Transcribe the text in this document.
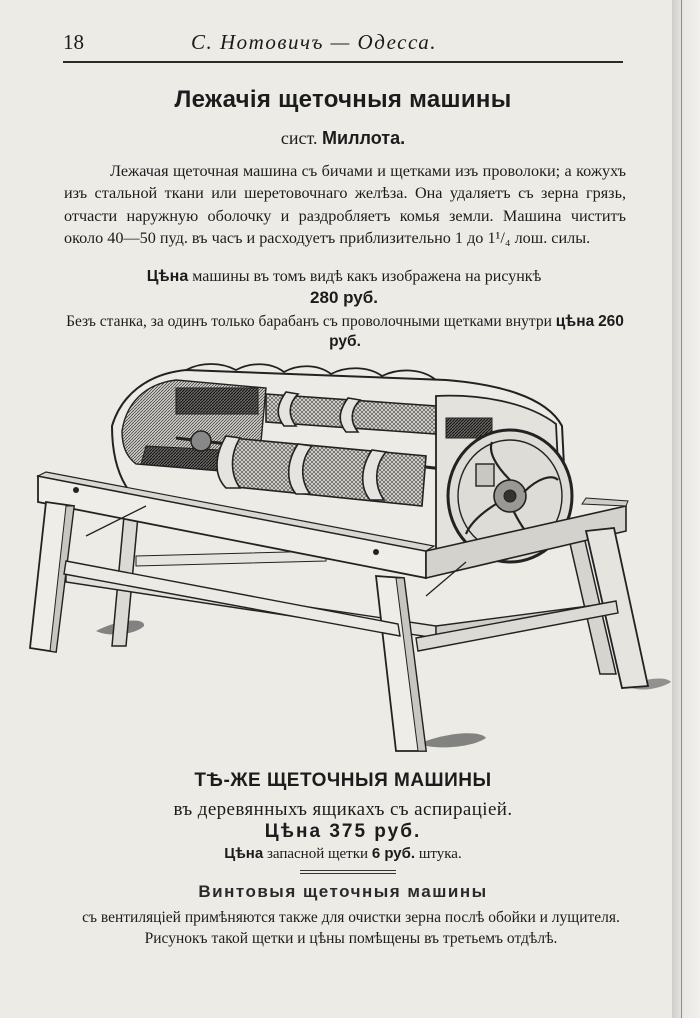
18	С. Нотовичъ — Одесса.
Лежачія щеточныя машины
сист. Миллота.
Лежачая щеточная машина съ бичами и щетками изъ проволоки; а кожухъ изъ стальной ткани или шеретовочнаго желѣза. Она удаляетъ съ зерна грязь, отчасти наружную оболочку и раздробляетъ комья земли. Машина чиститъ около 40—50 пуд. въ часъ и расходуетъ приблизительно 1 до 1¹/₄ лош. силы.
Цѣна машины въ томъ видѣ какъ изображена на рисункѣ
280 руб.
Безъ станка, за одинъ только барабанъ съ проволочными щетками внутри цѣна 260 руб.
ТѢ-ЖЕ ЩЕТОЧНЫЯ МАШИНЫ
въ деревянныхъ ящикахъ съ аспираціей.
Цѣна 375 руб.
Цѣна запасной щетки 6 руб. штука.
Винтовыя щеточныя машины
съ вентиляціей примѣняются также для очистки зерна послѣ обойки и лущителя. Рисунокъ такой щетки и цѣны помѣщены въ третьемъ отдѣлѣ.
